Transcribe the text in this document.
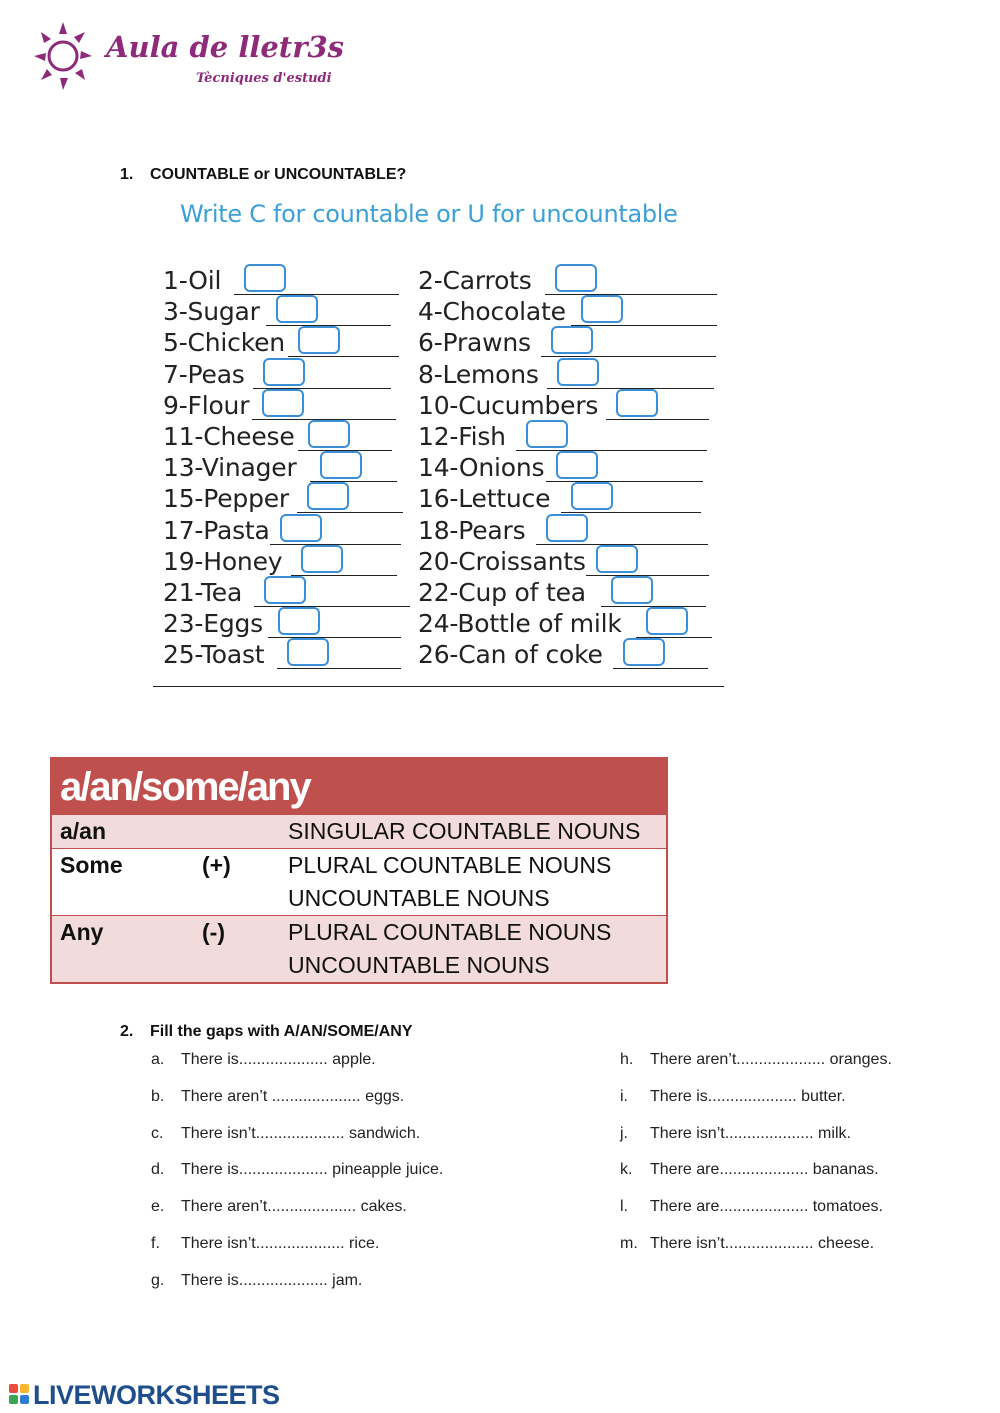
Aula de lletr3s
Tècniques d'estudi
1. COUNTABLE or UNCOUNTABLE?
Write C for countable or U for uncountable
1-Oil
3-Sugar
5-Chicken
7-Peas
9-Flour
11-Cheese
13-Vinager
15-Pepper
17-Pasta
19-Honey
21-Tea
23-Eggs
25-Toast
2-Carrots
4-Chocolate
6-Prawns
8-Lemons
10-Cucumbers
12-Fish
14-Onions
16-Lettuce
18-Pears
20-Croissants
22-Cup of tea
24-Bottle of milk
26-Can of coke
a/an/some/any
a/an	SINGULAR COUNTABLE NOUNS
Some	(+)	PLURAL COUNTABLE NOUNS
UNCOUNTABLE NOUNS
Any	(-)	PLURAL COUNTABLE NOUNS
UNCOUNTABLE NOUNS
2. Fill the gaps with A/AN/SOME/ANY
a. There is.................... apple.
b. There aren’t .................... eggs.
c. There isn’t.................... sandwich.
d. There is.................... pineapple juice.
e. There aren’t.................... cakes.
f. There isn’t.................... rice.
g. There is.................... jam.
h. There aren’t.................... oranges.
i. There is.................... butter.
j. There isn’t.................... milk.
k. There are.................... bananas.
l. There are.................... tomatoes.
m. There isn’t.................... cheese.
LIVEWORKSHEETS
